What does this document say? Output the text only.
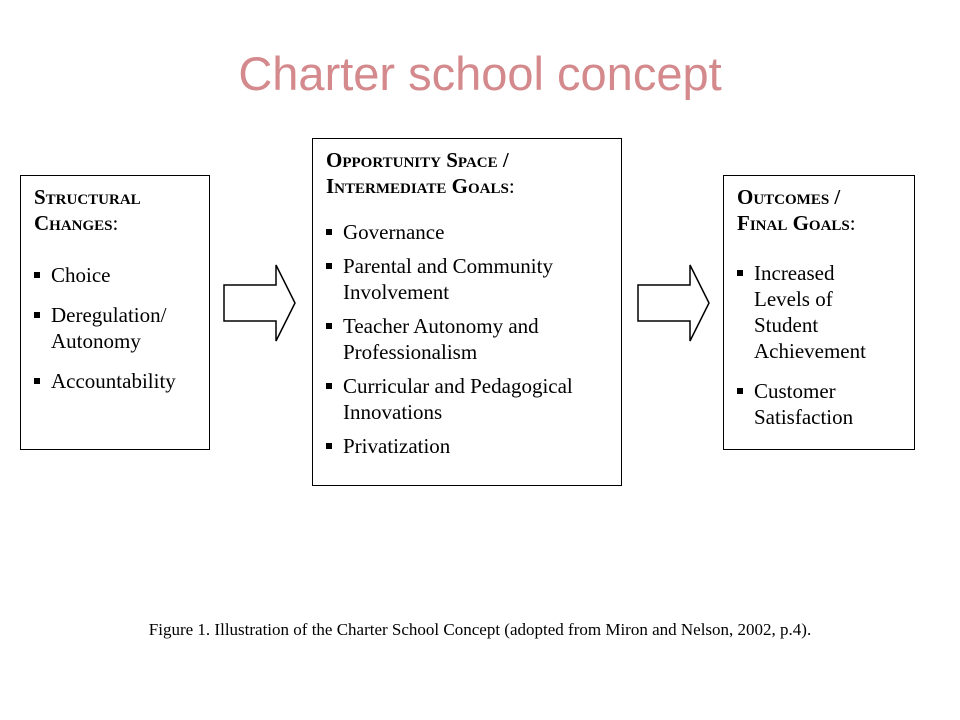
Charter school concept
Structural
Changes:
Choice
Deregulation/
Autonomy
Accountability
Opportunity Space /
Intermediate Goals:
Governance
Parental and Community
Involvement
Teacher Autonomy and
Professionalism
Curricular and Pedagogical
Innovations
Privatization
Outcomes /
Final Goals:
Increased
Levels of
Student
Achievement
Customer
Satisfaction

Figure 1. Illustration of the Charter School Concept (adopted from Miron and Nelson, 2002, p.4).
